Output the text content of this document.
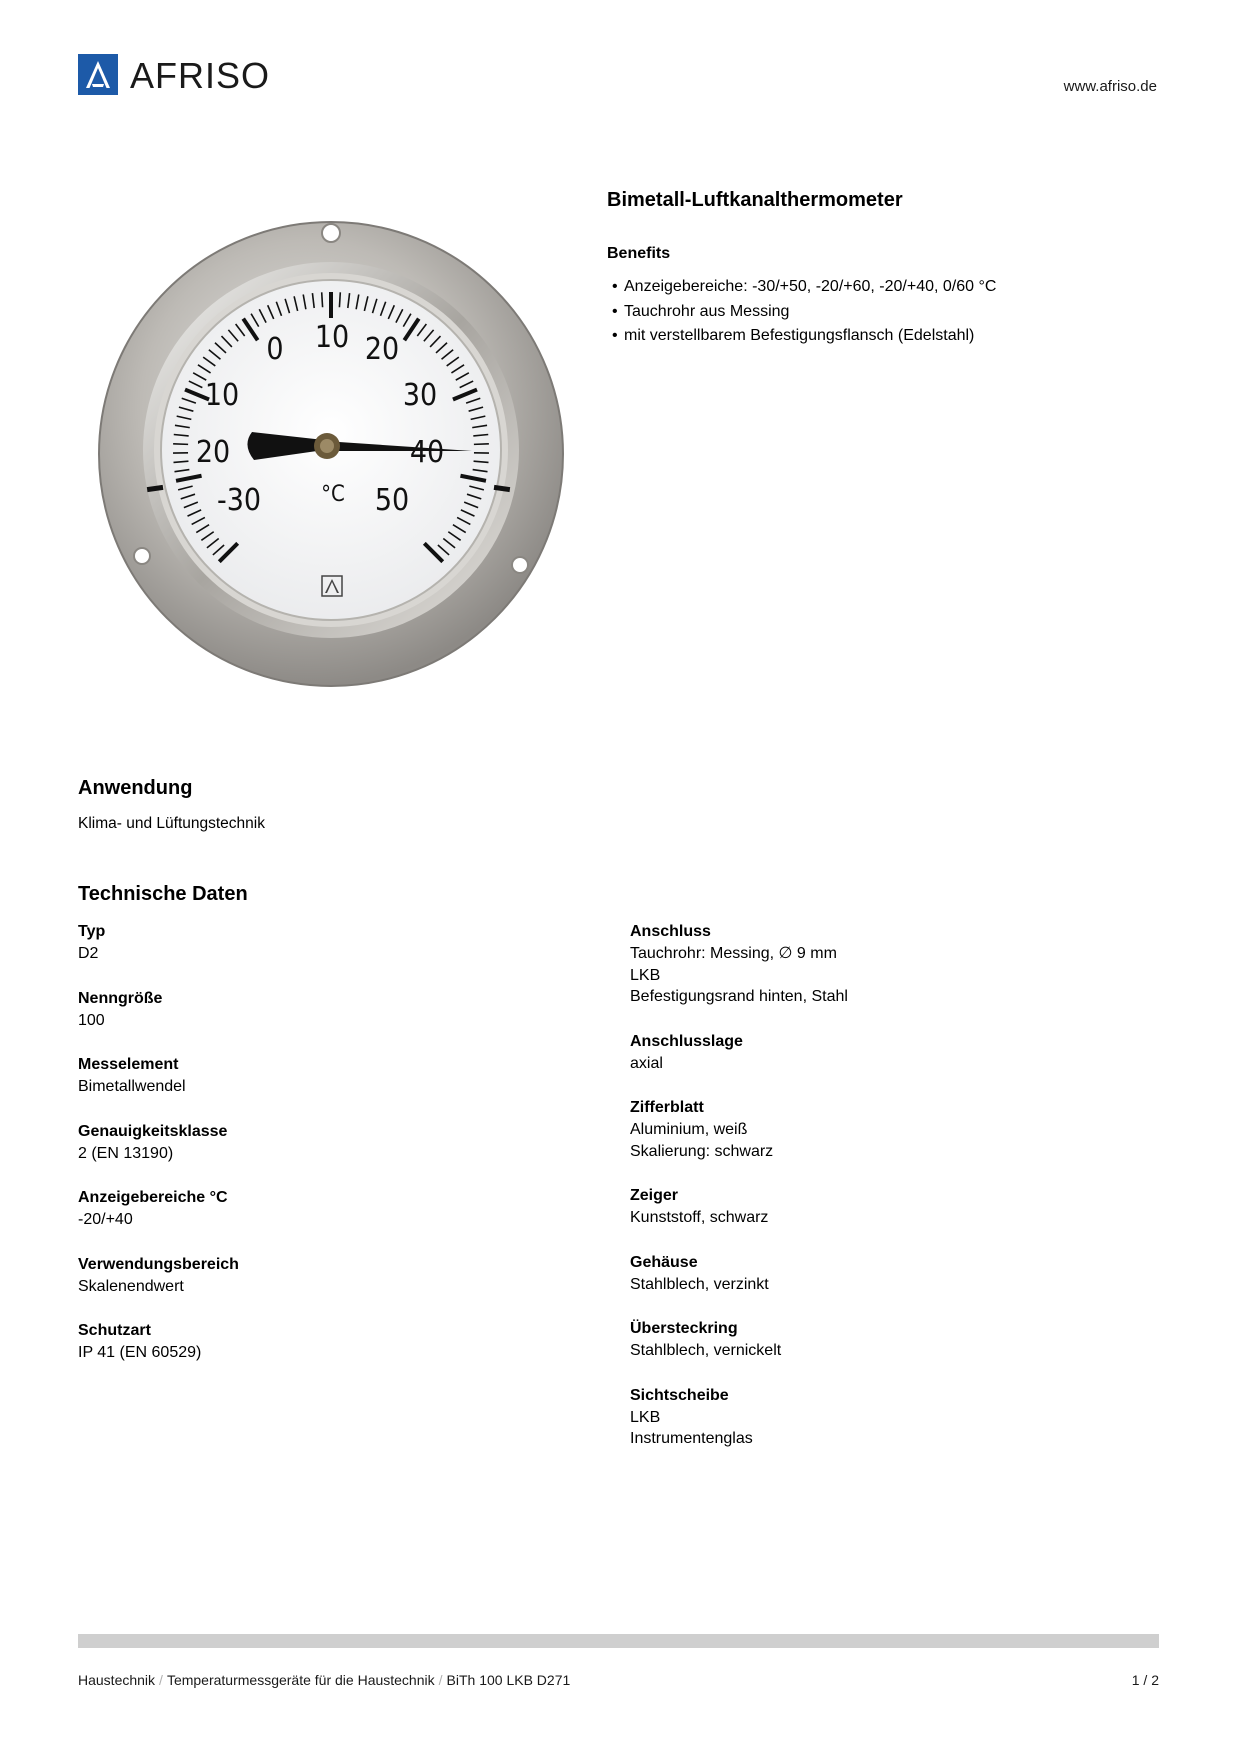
AFRISO	www.afriso.de
-30
20
10
0 10 20
30
40
50
°C
Bimetall-Luftkanalthermometer
Benefits
• Anzeigebereiche: -30/+50, -20/+60, -20/+40, 0/60 °C
• Tauchrohr aus Messing
• mit verstellbarem Befestigungsflansch (Edelstahl)
Anwendung
Klima- und Lüftungstechnik
Technische Daten
Typ
D2
Nenngröße
100
Messelement
Bimetallwendel
Genauigkeitsklasse
2 (EN 13190)
Anzeigebereiche °C
-20/+40
Verwendungsbereich
Skalenendwert
Schutzart
IP 41 (EN 60529)
Anschluss
Tauchrohr: Messing, ∅ 9 mm
LKB
Befestigungsrand hinten, Stahl
Anschlusslage
axial
Zifferblatt
Aluminium, weiß
Skalierung: schwarz
Zeiger
Kunststoff, schwarz
Gehäuse
Stahlblech, verzinkt
Übersteckring
Stahlblech, vernickelt
Sichtscheibe
LKB
Instrumentenglas
Haustechnik / Temperaturmessgeräte für die Haustechnik / BiTh 100 LKB D271	1 / 2
